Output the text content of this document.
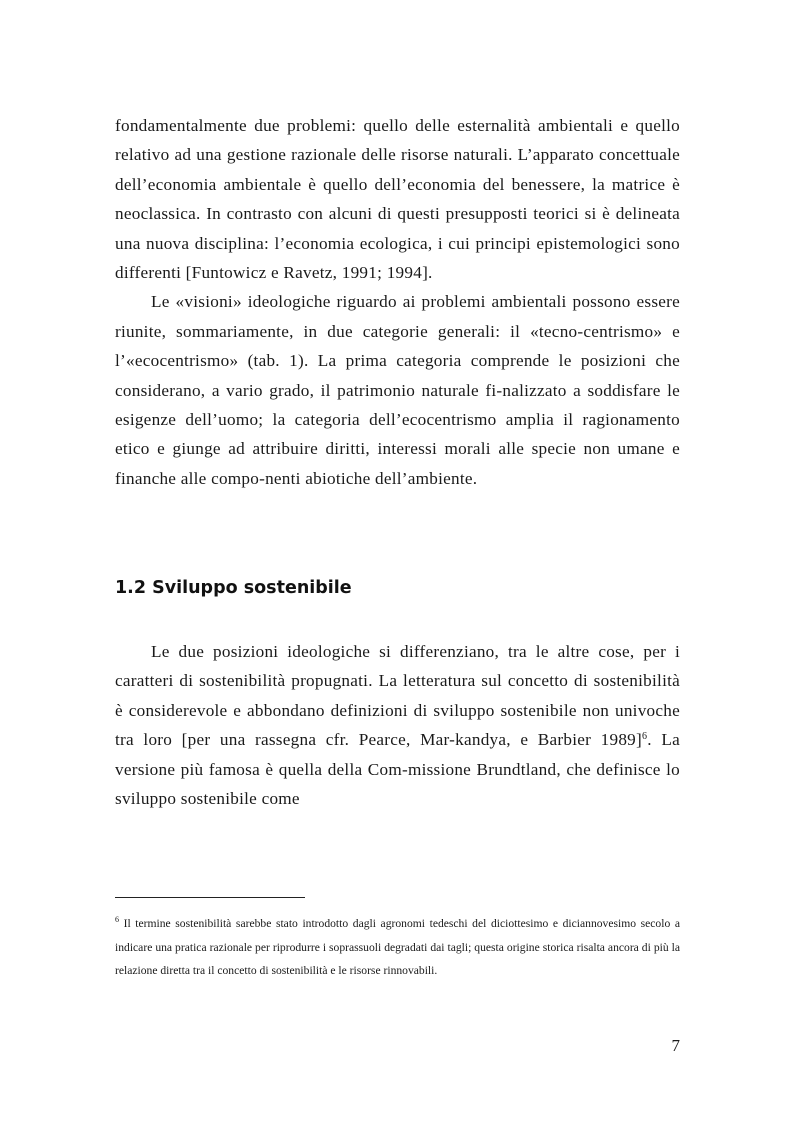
fondamentalmente due problemi: quello delle esternalità ambientali e quello relativo ad una gestione razionale delle risorse naturali. L’apparato concettuale dell’economia ambientale è quello dell’economia del benessere, la matrice è neoclassica. In contrasto con alcuni di questi presupposti teorici si è delineata una nuova disciplina: l’economia ecologica, i cui principi epistemologici sono differenti [Funtowicz e Ravetz, 1991; 1994].

Le «visioni» ideologiche riguardo ai problemi ambientali possono essere riunite, sommariamente, in due categorie generali: il «tecno-centrismo» e l’«ecocentrismo» (tab. 1). La prima categoria comprende le posizioni che considerano, a vario grado, il patrimonio naturale fi-nalizzato a soddisfare le esigenze dell’uomo; la categoria dell’ecocentrismo amplia il ragionamento etico e giunge ad attribuire diritti, interessi morali alle specie non umane e finanche alle compo-nenti abiotiche dell’ambiente.

1.2 Sviluppo sostenibile

Le due posizioni ideologiche si differenziano, tra le altre cose, per i caratteri di sostenibilità propugnati. La letteratura sul concetto di sostenibilità è considerevole e abbondano definizioni di sviluppo sostenibile non univoche tra loro [per una rassegna cfr. Pearce, Mar-kandya, e Barbier 1989]$^6$. La versione più famosa è quella della Com-missione Brundtland, che definisce lo sviluppo sostenibile come

$^6$ Il termine sostenibilità sarebbe stato introdotto dagli agronomi tedeschi del diciottesimo e diciannovesimo secolo a indicare una pratica razionale per riprodurre i soprassuoli degradati dai tagli; questa origine storica risalta ancora di più la relazione diretta tra il concetto di sostenibilità e le risorse rinnovabili.

7
